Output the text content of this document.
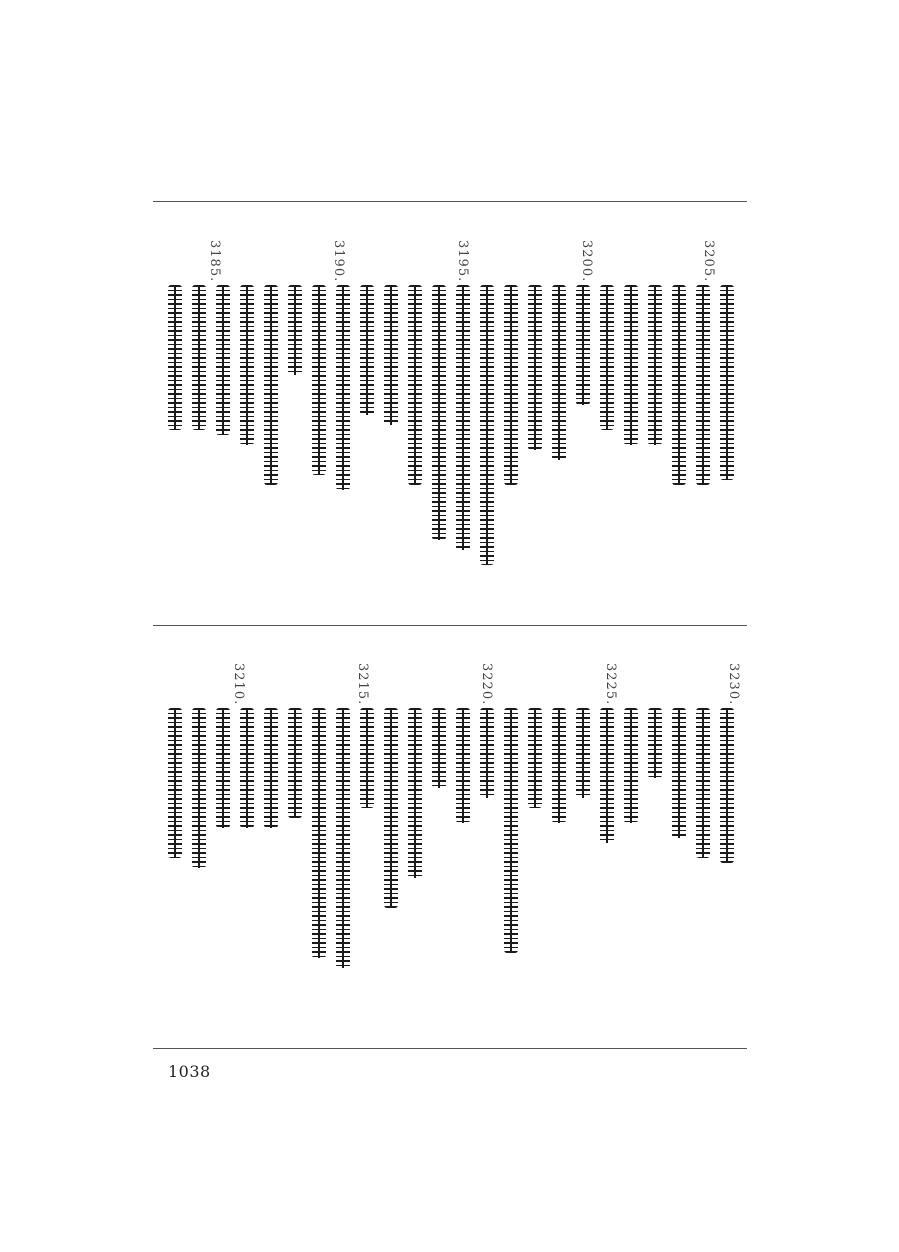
3205.
3200.
3195.
3190.
3185.
3230.
3225.
3220.
3215.
3210.
1038
